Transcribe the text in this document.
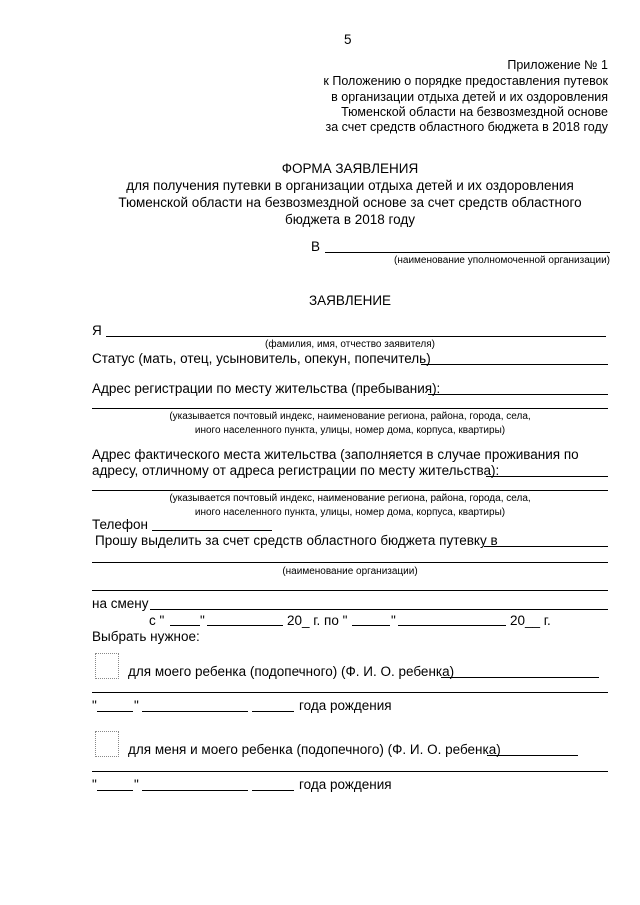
5
Приложение № 1
к Положению о порядке предоставления путевок
в организации отдыха детей и их оздоровления
Тюменской области на безвозмездной основе
за счет средств областного бюджета в 2018 году
ФОРМА ЗАЯВЛЕНИЯ
для получения путевки в организации отдыха детей и их оздоровления
Тюменской области на безвозмездной основе за счет средств областного
бюджета в 2018 году
В
(наименование уполномоченной организации)
ЗАЯВЛЕНИЕ
Я
(фамилия, имя, отчество заявителя)
Статус (мать, отец, усыновитель, опекун, попечитель)
Адрес регистрации по месту жительства (пребывания):
(указывается почтовый индекс, наименование региона, района, города, села,
иного населенного пункта, улицы, номер дома, корпуса, квартиры)
Адрес фактического места жительства (заполняется в случае проживания по
адресу, отличному от адреса регистрации по месту жительства):
(указывается почтовый индекс, наименование региона, района, города, села,
иного населенного пункта, улицы, номер дома, корпуса, квартиры)
Телефон
Прошу выделить за счет средств областного бюджета путевку в
(наименование организации)
на смену
с "	"	20_ г. по "	"	20__ г.
Выбрать нужное:
для моего ребенка (подопечного) (Ф. И. О. ребенка)
"	"	года рождения
для меня и моего ребенка (подопечного) (Ф. И. О. ребенка)
"	"	года рождения
